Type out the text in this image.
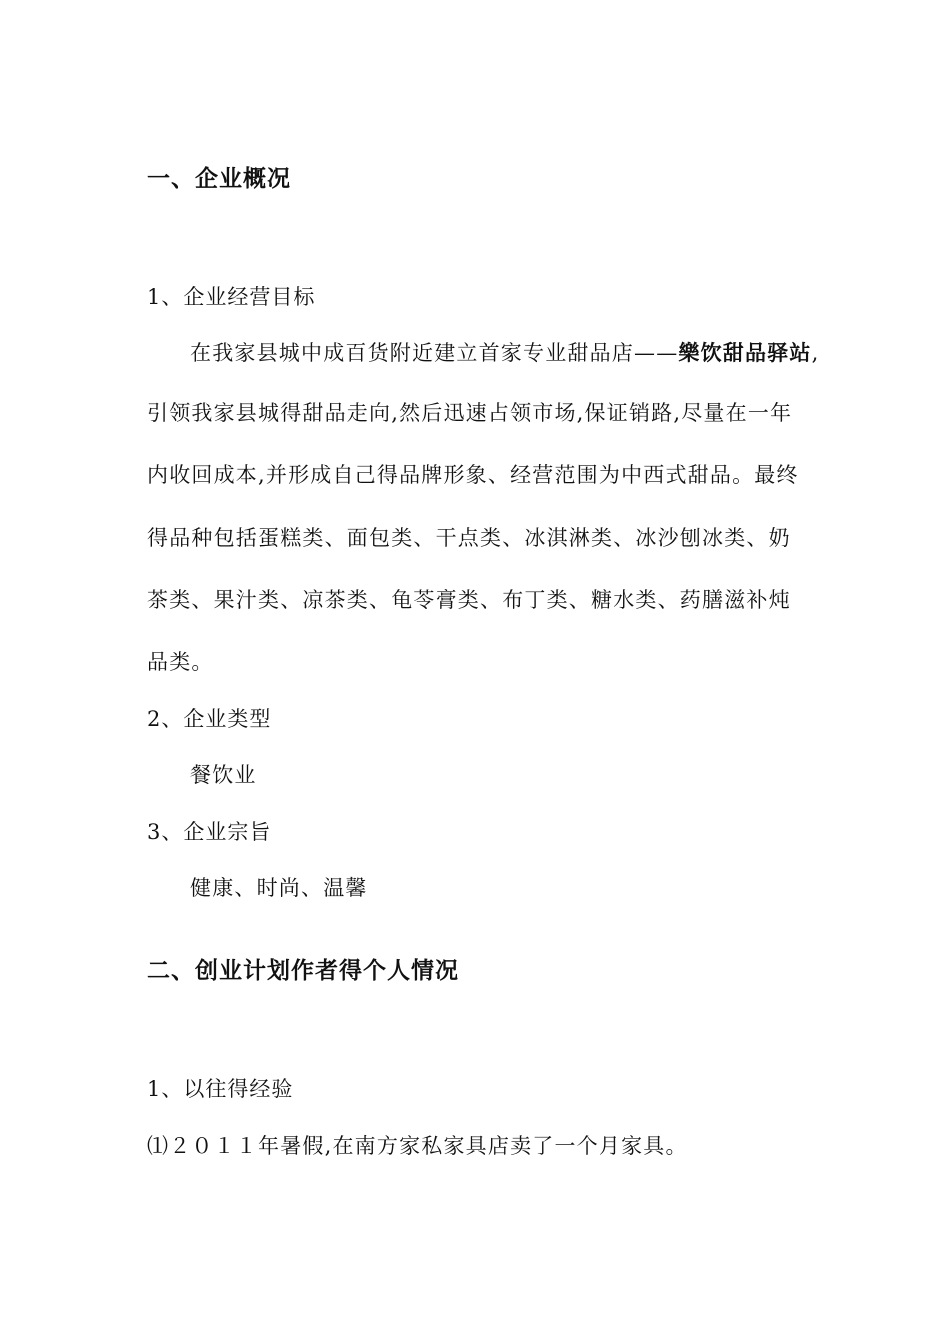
一、企业概况
1、企业经营目标
在我家县城中成百货附近建立首家专业甜品店——樂饮甜品驿站,
引领我家县城得甜品走向,然后迅速占领市场,保证销路,尽量在一年
内收回成本,并形成自己得品牌形象、经营范围为中西式甜品。最终
得品种包括蛋糕类、面包类、干点类、冰淇淋类、冰沙刨冰类、奶
茶类、果汁类、凉茶类、龟苓膏类、布丁类、糖水类、药膳滋补炖
品类。
2、企业类型
餐饮业
3、企业宗旨
健康、时尚、温馨
二、创业计划作者得个人情况
1、以往得经验
⑴２０１１年暑假,在南方家私家具店卖了一个月家具。
